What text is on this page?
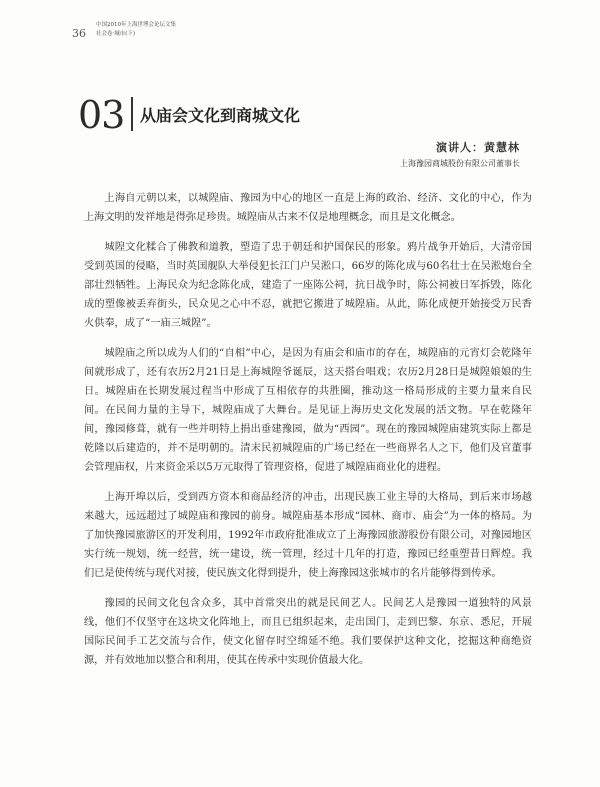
36
中国2010年上海世博会论坛文集
社会卷·城市(下)
03 从庙会文化到商城文化
演讲人：黄慧林
上海豫园商城股份有限公司董事长

上海自元朝以来，以城隍庙、豫园为中心的地区一直是上海的政治、经济、文化的中心，作为上海文明的发祥地是得弥足珍贵。城隍庙从古来不仅是地理概念，而且是文化概念。

城隍文化糅合了佛教和道教，塑造了忠于朝廷和护国保民的形象。鸦片战争开始后，大清帝国受到英国的侵略，当时英国舰队大举侵犯长江门户吴淞口，66岁的陈化成与60名壮士在吴淞炮台全部壮烈牺牲。上海民众为纪念陈化成，建造了一座陈公祠，抗日战争时，陈公祠被日军拆毁，陈化成的塑像被丢弃街头，民众见之心中不忍，就把它搬进了城隍庙。从此，陈化成便开始接受万民香火供奉，成了“一庙三城隍”。

城隍庙之所以成为人们的“自相”中心，是因为有庙会和庙市的存在，城隍庙的元宵灯会乾隆年间就形成了，还有农历2月21日是上海城隍爷诞辰，这天搭台唱戏；农历2月28日是城隍娘娘的生日。城隍庙在长期发展过程当中形成了互相依存的共胜圈，推动这一格局形成的主要力量来自民间。在民间力量的主导下，城隍庙成了大舞台。是见证上海历史文化发展的活文物。早在乾隆年间，豫园修葺，就有一些并明特上捐出垂建豫园，做为“西园”。现在的豫园城隍庙建筑实际上都是乾隆以后建造的，并不是明朝的。清末民初城隍庙的广场已经在一些商界名人之下，他们及官董事会管理庙权，片来资金采以5万元取得了管理资格，促进了城隍庙商业化的进程。

上海开埠以后，受到西方资本和商品经济的冲击，出现民族工业主导的大格局，到后来市场越来越大，远远超过了城隍庙和豫园的前身。城隍庙基本形成“园林、商市、庙会”为一体的格局。为了加快豫园旅游区的开发利用，1992年市政府批准成立了上海豫园旅游股份有限公司，对豫园地区实行统一规划，统一经营，统一建设，统一管理，经过十几年的打造，豫园已经重塑昔日辉煌。我们已是使传统与现代对接，使民族文化得到提升，使上海豫园这张城市的名片能够得到传承。

豫园的民间文化包含众多，其中首常突出的就是民间艺人。民间艺人是豫园一道独特的风景线，他们不仅坚守在这块文化阵地上，而且已组织起来，走出国门，走到巴黎、东京、悉尼，开展国际民间手工艺交流与合作，使文化留存时空绵延不绝。我们要保护这种文化，挖掘这种商绝资源，并有效地加以整合和利用，使其在传承中实现价值最大化。
